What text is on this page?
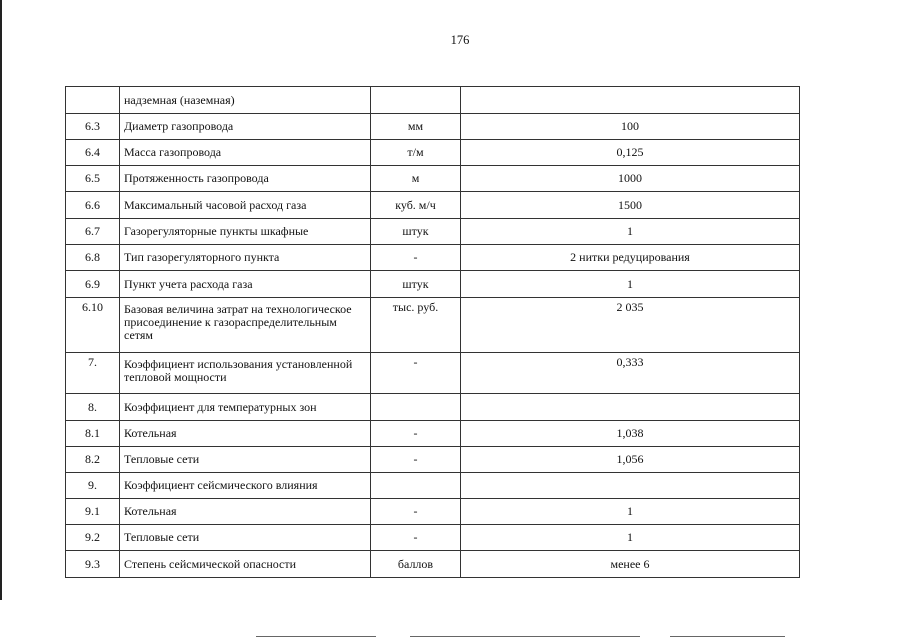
176
	надземная (наземная)		
6.3	Диаметр газопровода	мм	100
6.4	Масса газопровода	т/м	0,125
6.5	Протяженность газопровода	м	1000
6.6	Максимальный часовой расход газа	куб. м/ч	1500
6.7	Газорегуляторные пункты шкафные	штук	1
6.8	Тип газорегуляторного пункта	-	2 нитки редуцирования
6.9	Пункт учета расхода газа	штук	1
6.10	Базовая величина затрат на технологическое присоединение к газораспределительным сетям	тыс. руб.	2 035
7.	Коэффициент использования установленной тепловой мощности	-	0,333
8.	Коэффициент для температурных зон		
8.1	Котельная	-	1,038
8.2	Тепловые сети	-	1,056
9.	Коэффициент сейсмического влияния		
9.1	Котельная	-	1
9.2	Тепловые сети	-	1
9.3	Степень сейсмической опасности	баллов	менее 6
